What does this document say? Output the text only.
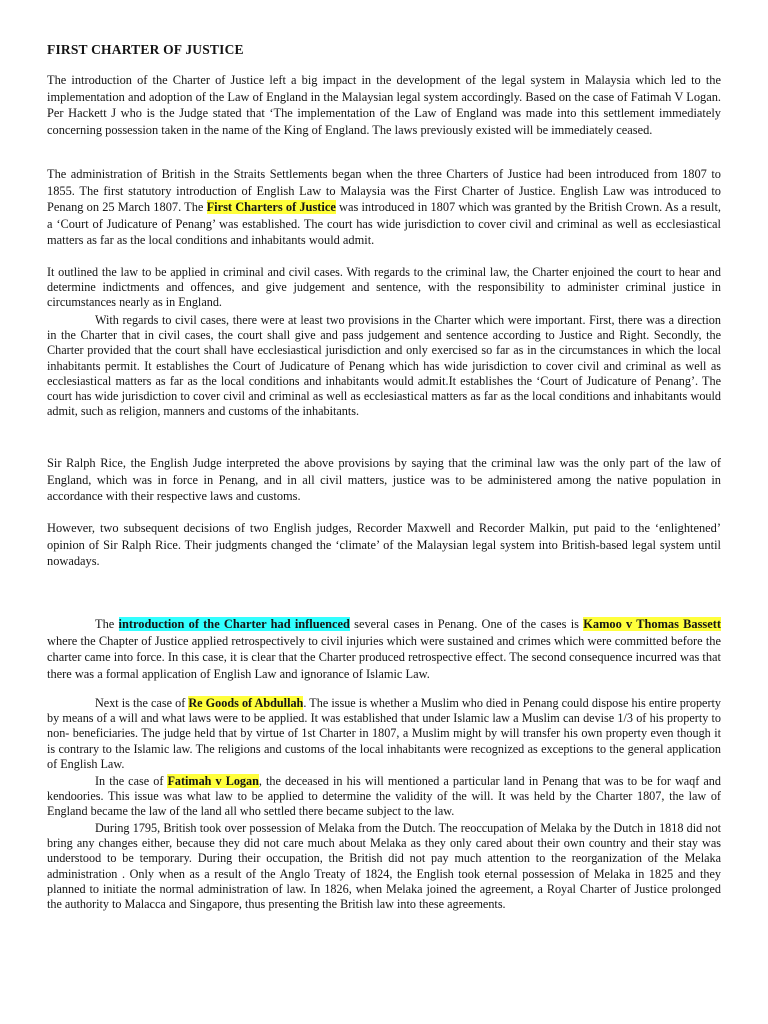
FIRST CHARTER OF JUSTICE
The introduction of the Charter of Justice left a big impact in the development of the legal system in Malaysia which led to the implementation and adoption of the Law of England in the Malaysian legal system accordingly. Based on the case of Fatimah V Logan. Per Hackett J who is the Judge stated that ‘The implementation of the Law of England was made into this settlement immediately concerning possession taken in the name of the King of England. The laws previously existed will be immediately ceased.
The administration of British in the Straits Settlements began when the three Charters of Justice had been introduced from 1807 to 1855. The first statutory introduction of English Law to Malaysia was the First Charter of Justice. English Law was introduced to Penang on 25 March 1807. The First Charters of Justice was introduced in 1807 which was granted by the British Crown. As a result, a ‘Court of Judicature of Penang’ was established. The court has wide jurisdiction to cover civil and criminal as well as ecclesiastical matters as far as the local conditions and inhabitants would admit.
It outlined the law to be applied in criminal and civil cases. With regards to the criminal law, the Charter enjoined the court to hear and determine indictments and offences, and give judgement and sentence, with the responsibility to administer criminal justice in circumstances nearly as in England.
With regards to civil cases, there were at least two provisions in the Charter which were important. First, there was a direction in the Charter that in civil cases, the court shall give and pass judgement and sentence according to Justice and Right. Secondly, the Charter provided that the court shall have ecclesiastical jurisdiction and only exercised so far as in the circumstances in which the local inhabitants permit. It establishes the Court of Judicature of Penang which has wide jurisdiction to cover civil and criminal as well as ecclesiastical matters as far as the local conditions and inhabitants would admit.It establishes the ‘Court of Judicature of Penang’. The court has wide jurisdiction to cover civil and criminal as well as ecclesiastical matters as far as the local conditions and inhabitants would admit, such as religion, manners and customs of the inhabitants.
Sir Ralph Rice, the English Judge interpreted the above provisions by saying that the criminal law was the only part of the law of England, which was in force in Penang, and in all civil matters, justice was to be administered among the native population in accordance with their respective laws and customs.
However, two subsequent decisions of two English judges, Recorder Maxwell and Recorder Malkin, put paid to the ‘enlightened’ opinion of Sir Ralph Rice. Their judgments changed the ‘climate’ of the Malaysian legal system into British-based legal system until nowadays.
The introduction of the Charter had influenced several cases in Penang. One of the cases is Kamoo v Thomas Bassett where the Chapter of Justice applied retrospectively to civil injuries which were sustained and crimes which were committed before the charter came into force. In this case, it is clear that the Charter produced retrospective effect. The second consequence incurred was that there was a formal application of English Law and ignorance of Islamic Law.
Next is the case of Re Goods of Abdullah. The issue is whether a Muslim who died in Penang could dispose his entire property by means of a will and what laws were to be applied. It was established that under Islamic law a Muslim can devise 1/3 of his property to non- beneficiaries. The judge held that by virtue of 1st Charter in 1807, a Muslim might by will transfer his own property even though it is contrary to the Islamic law. The religions and customs of the local inhabitants were recognized as exceptions to the general application of English Law.
In the case of Fatimah v Logan, the deceased in his will mentioned a particular land in Penang that was to be for waqf and kendoories. This issue was what law to be applied to determine the validity of the will. It was held by the Charter 1807, the law of England became the law of the land all who settled there became subject to the law.
During 1795, British took over possession of Melaka from the Dutch. The reoccupation of Melaka by the Dutch in 1818 did not bring any changes either, because they did not care much about Melaka as they only cared about their own country and their stay was understood to be temporary. During their occupation, the British did not pay much attention to the reorganization of the Melaka administration . Only when as a result of the Anglo Treaty of 1824, the English took eternal possession of Melaka in 1825 and they planned to initiate the normal administration of law. In 1826, when Melaka joined the agreement, a Royal Charter of Justice prolonged the authority to Malacca and Singapore, thus presenting the British law into these agreements.
